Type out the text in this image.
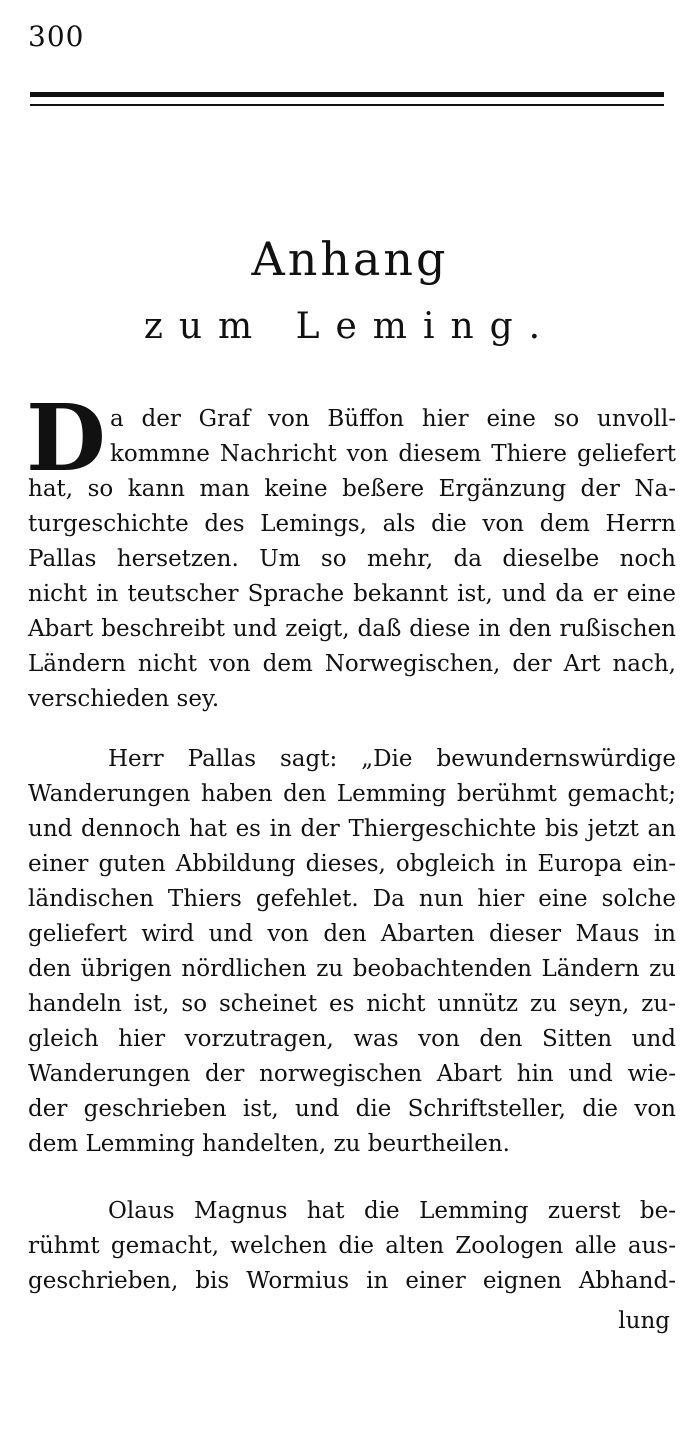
300
Anhang
zum Leming.
D a der Graf von Büffon hier eine so unvoll-
kommne Nachricht von diesem Thiere geliefert
hat, so kann man keine beßere Ergänzung der Na-
turgeschichte des Lemings, als die von dem Herrn
Pallas hersetzen. Um so mehr, da dieselbe noch
nicht in teutscher Sprache bekannt ist, und da er eine
Abart beschreibt und zeigt, daß diese in den rußischen
Ländern nicht von dem Norwegischen, der Art nach,
verschieden sey.
Herr Pallas sagt: „Die bewundernswürdige
Wanderungen haben den Lemming berühmt gemacht;
und dennoch hat es in der Thiergeschichte bis jetzt an
einer guten Abbildung dieses, obgleich in Europa ein-
ländischen Thiers gefehlet. Da nun hier eine solche
geliefert wird und von den Abarten dieser Maus in
den übrigen nördlichen zu beobachtenden Ländern zu
handeln ist, so scheinet es nicht unnütz zu seyn, zu-
gleich hier vorzutragen, was von den Sitten und
Wanderungen der norwegischen Abart hin und wie-
der geschrieben ist, und die Schriftsteller, die von
dem Lemming handelten, zu beurtheilen.
Olaus Magnus hat die Lemming zuerst be-
rühmt gemacht, welchen die alten Zoologen alle aus-
geschrieben, bis Wormius in einer eignen Abhand-
lung
